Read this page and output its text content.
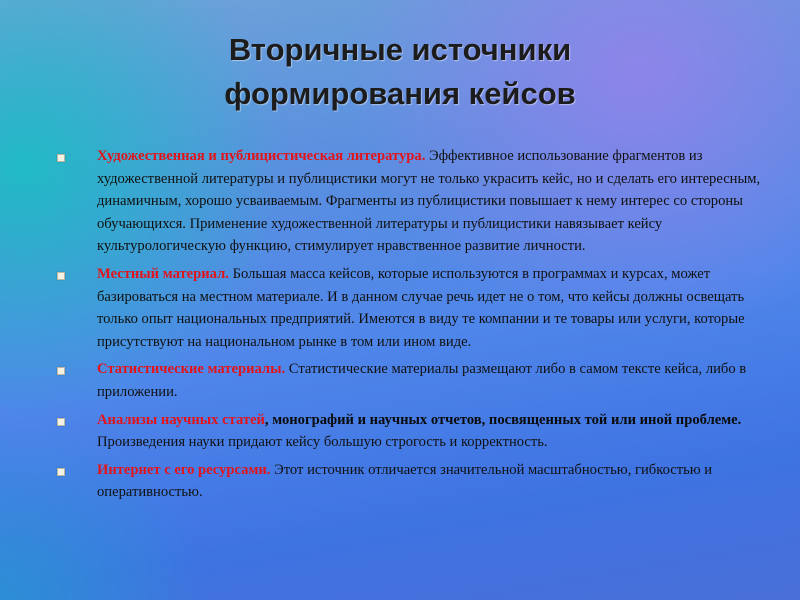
Вторичные источники
формирования кейсов
Художественная и публицистическая литература. Эффективное использование фрагментов из художественной литературы и публицистики могут не только украсить кейс, но и сделать его интересным, динамичным, хорошо усваиваемым. Фрагменты из публицистики повышает к нему интерес со стороны обучающихся. Применение художественной литературы и публицистики навязывает кейсу культурологическую функцию, стимулирует нравственное развитие личности.
Местный материал. Большая масса кейсов, которые используются в программах и курсах, может базироваться на местном материале. И в данном случае речь идет не о том, что кейсы должны освещать только опыт национальных предприятий. Имеются в виду те компании и те товары или услуги, которые присутствуют на национальном рынке в том или ином виде.
Статистические материалы. Статистические материалы размещают либо в самом тексте кейса, либо в приложении.
Анализы научных статей, монографий и научных отчетов, посвященных той или иной проблеме. Произведения науки придают кейсу большую строгость и корректность.
Интернет с его ресурсами. Этот источник отличается значительной масштабностью, гибкостью и оперативностью.
